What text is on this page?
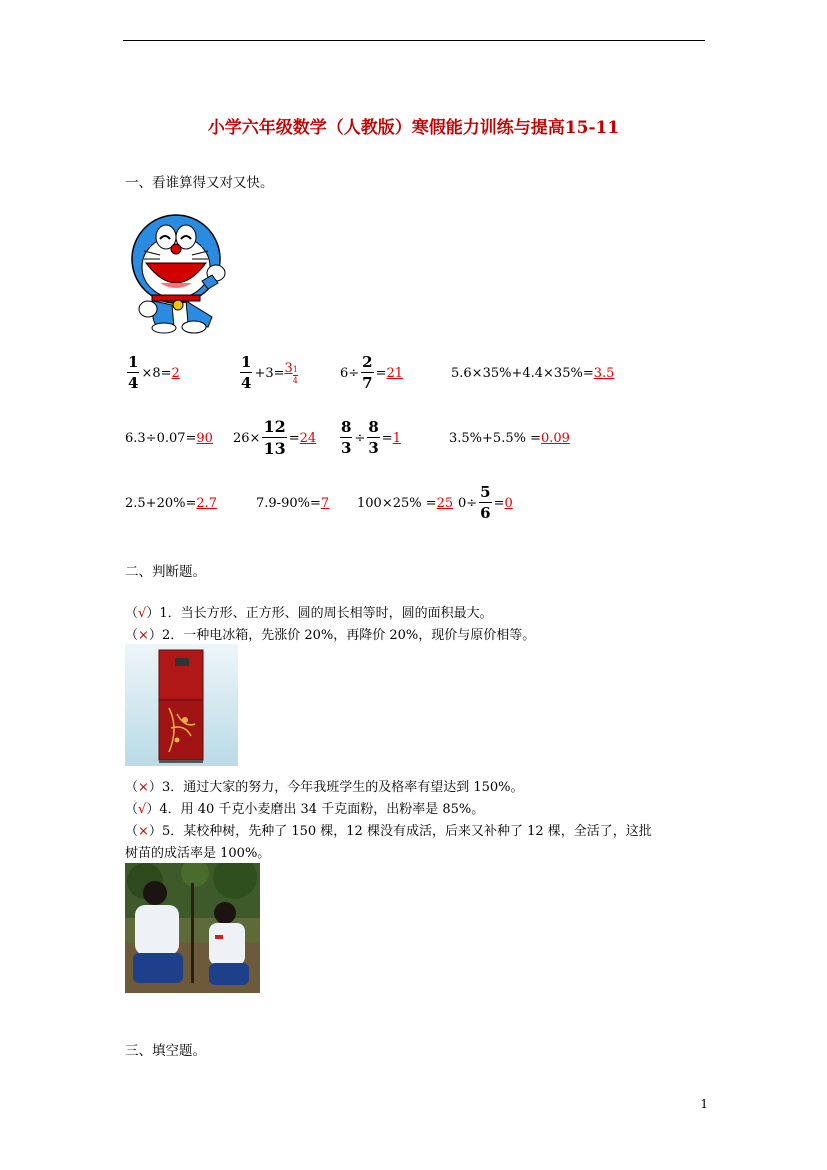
小学六年级数学（人教版）寒假能力训练与提高15-11
一、看谁算得又对又快。
$\frac{1}{4} \times 8= 2$	$\frac{1}{4} +3= 3 \frac{1}{4}$	$6\div \frac{2}{7} = 21$	5.6×35%+4.4×35%= 3.5
6.3÷0.07= 90 $26\times \frac{12}{13} = 24 \frac{8}{3} \div \frac{8}{3} = 1$	3.5%+5.5% = 0.09
2.5+20%= 2.7	7.9-90%= 7 100×25% = 25 $0\div \frac{5}{6} = 0$
二、判断题。
（√）1．当长方形、正方形、圆的周长相等时，圆的面积最大。
（×）2．一种电冰箱，先涨价 20%，再降价 20%，现价与原价相等。
（×）3．通过大家的努力，今年我班学生的及格率有望达到 150%。
（√）4．用 40 千克小麦磨出 34 千克面粉，出粉率是 85%。
（×）5．某校种树，先种了 150 棵，12 棵没有成活，后来又补种了 12 棵，全活了，这批
树苗的成活率是 100%。
三、填空题。
1
